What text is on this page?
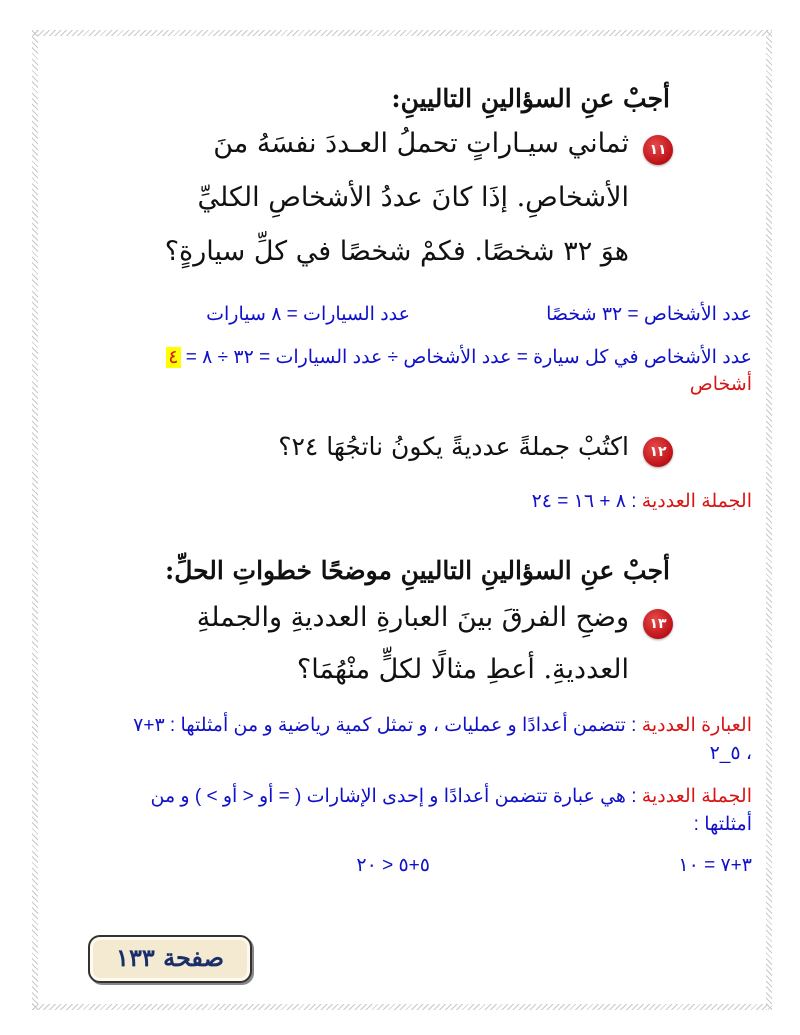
أجبْ عنِ السؤالينِ التاليينِ:
١١
ثماني سيـاراتٍ تحملُ العـددَ نفسَهُ منَ
الأشخاصِ. إذَا كانَ عددُ الأشخاصِ الكليِّ
هوَ ٣٢ شخصًا. فكمْ شخصًا في كلِّ سيارةٍ؟
عدد الأشخاص = ٣٢ شخصًا
عدد السيارات = ٨ سيارات
عدد الأشخاص في كل سيارة = عدد الأشخاص ÷ عدد السيارات = ٣٢ ÷ ٨ = ٤
أشخاص
١٢
اكتُبْ جملةً عدديةً يكونُ ناتجُهَا ٢٤؟
الجملة العددية : ٨ + ١٦ = ٢٤
أجبْ عنِ السؤالينِ التاليينِ موضحًا خطواتِ الحلِّ:
١٣
وضحِ الفرقَ بينَ العبارةِ العدديةِ والجملةِ
العدديةِ. أعطِ مثالًا لكلٍّ منْهُمَا؟
العبارة العددية : تتضمن أعدادًا و عمليات ، و تمثل كمية رياضية و من أمثلتها : ٣+٧
، ٥_٢
الجملة العددية : هي عبارة تتضمن أعدادًا و إحدى الإشارات ( = أو < أو > ) و من
أمثلتها :
٣+٧ = ١٠
٥+٥ < ٢٠
صفحة ١٣٣
